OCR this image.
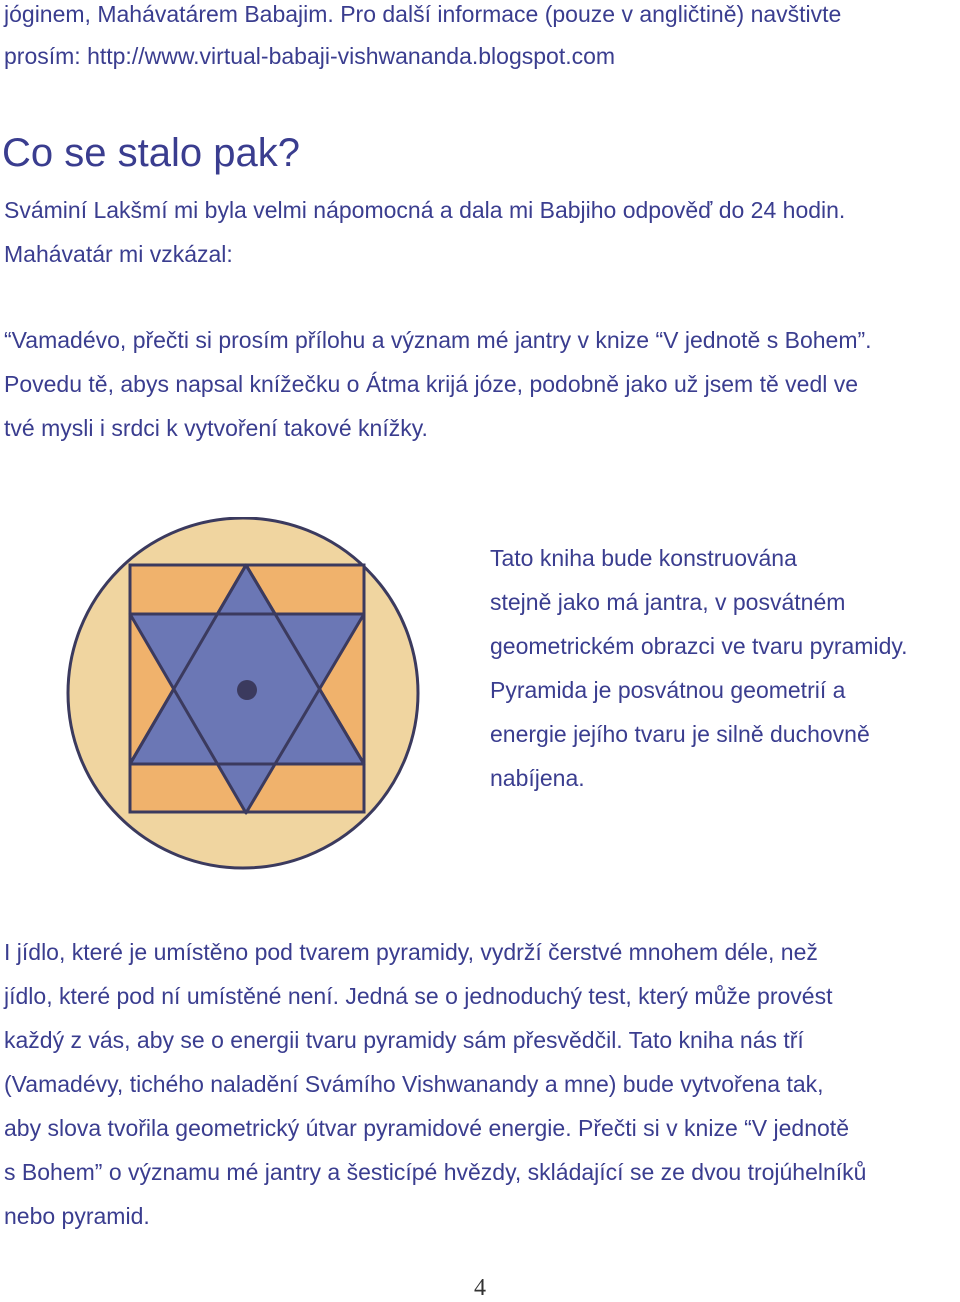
jóginem, Mahávatárem Babajim. Pro další informace (pouze v angličtině) navštivte
prosím: http://www.virtual-babaji-vishwananda.blogspot.com
Co se stalo pak?
Sváminí Lakšmí mi byla velmi nápomocná a dala mi Babjiho odpověď do 24 hodin.
Mahávatár mi vzkázal:
“Vamadévo, přečti si prosím přílohu a význam mé jantry v knize “V jednotě s Bohem”.
Povedu tě, abys napsal knížečku o Átma krijá józe, podobně jako už jsem tě vedl ve
tvé mysli i srdci k vytvoření takové knížky.
Tato kniha bude konstruována
stejně jako má jantra, v posvátném
geometrickém obrazci ve tvaru pyramidy.
Pyramida je posvátnou geometrií a
energie jejího tvaru je silně duchovně
nabíjena.
I jídlo, které je umístěno pod tvarem pyramidy, vydrží čerstvé mnohem déle, než
jídlo, které pod ní umístěné není. Jedná se o jednoduchý test, který může provést
každý z vás, aby se o energii tvaru pyramidy sám přesvědčil. Tato kniha nás tří
(Vamadévy, tichého naladění Svámího Vishwanandy a mne) bude vytvořena tak,
aby slova tvořila geometrický útvar pyramidové energie. Přečti si v knize “V jednotě
s Bohem” o významu mé jantry a šesticípé hvězdy, skládající se ze dvou trojúhelníků
nebo pyramid.
4
